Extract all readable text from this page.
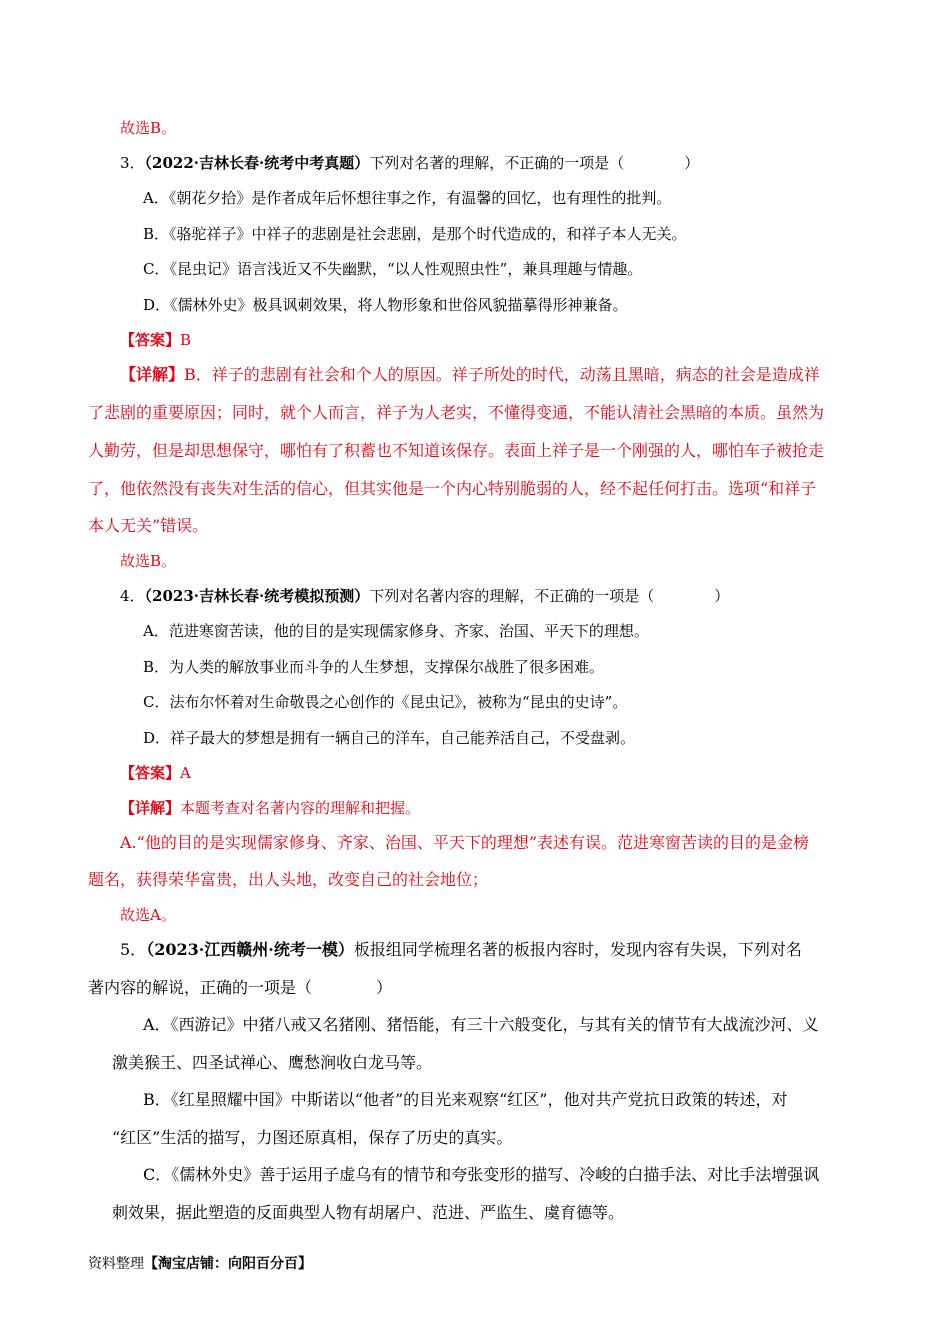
故选B。
3．（2022·吉林长春·统考中考真题）下列对名著的理解，不正确的一项是（　　　　）
A．《朝花夕拾》是作者成年后怀想往事之作，有温馨的回忆，也有理性的批判。
B．《骆驼祥子》中祥子的悲剧是社会悲剧，是那个时代造成的，和祥子本人无关。
C．《昆虫记》语言浅近又不失幽默，“以人性观照虫性”，兼具理趣与情趣。
D．《儒林外史》极具讽刺效果，将人物形象和世俗风貌描摹得形神兼备。
【答案】B
【详解】B．祥子的悲剧有社会和个人的原因。祥子所处的时代，动荡且黑暗，病态的社会是造成祥
了悲剧的重要原因；同时，就个人而言，祥子为人老实，不懂得变通，不能认清社会黑暗的本质。虽然为
人勤劳，但是却思想保守，哪怕有了积蓄也不知道该保存。表面上祥子是一个刚强的人，哪怕车子被抢走
了，他依然没有丧失对生活的信心，但其实他是一个内心特别脆弱的人，经不起任何打击。选项“和祥子
本人无关”错误。
故选B。
4．（2023·吉林长春·统考模拟预测）下列对名著内容的理解，不正确的一项是（　　　　）
A．范进寒窗苦读，他的目的是实现儒家修身、齐家、治国、平天下的理想。
B．为人类的解放事业而斗争的人生梦想，支撑保尔战胜了很多困难。
C．法布尔怀着对生命敬畏之心创作的《昆虫记》，被称为“昆虫的史诗”。
D．祥子最大的梦想是拥有一辆自己的洋车，自己能养活自己，不受盘剥。
【答案】A
【详解】本题考查对名著内容的理解和把握。
A.“他的目的是实现儒家修身、齐家、治国、平天下的理想”表述有误。范进寒窗苦读的目的是金榜
题名，获得荣华富贵，出人头地，改变自己的社会地位；
故选A。
5．（2023·江西赣州·统考一模）板报组同学梳理名著的板报内容时，发现内容有失误，下列对名
著内容的解说，正确的一项是（　　　　）
A．《西游记》中猪八戒又名猪刚、猪悟能，有三十六般变化，与其有关的情节有大战流沙河、义
激美猴王、四圣试禅心、鹰愁涧收白龙马等。
B．《红星照耀中国》中斯诺以“他者”的目光来观察“红区”，他对共产党抗日政策的转述，对
“红区”生活的描写，力图还原真相，保存了历史的真实。
C．《儒林外史》善于运用子虚乌有的情节和夸张变形的描写、冷峻的白描手法、对比手法增强讽
刺效果，据此塑造的反面典型人物有胡屠户、范进、严监生、虞育德等。
资料整理【淘宝店铺：向阳百分百】
